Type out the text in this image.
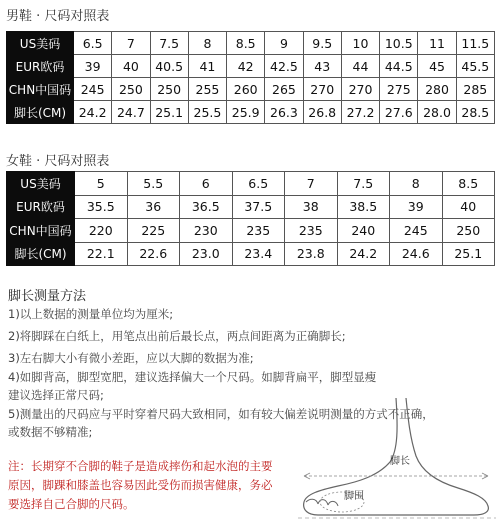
男鞋 · 尺码对照表
US美码	6.5	7	7.5	8	8.5	9	9.5	10	10.5	11	11.5
EUR欧码	39	40	40.5	41	42	42.5	43	44	44.5	45	45.5
CHN中国码	245	250	250	255	260	265	270	270	275	280	285
脚长(CM)	24.2	24.7	25.1	25.5	25.9	26.3	26.8	27.2	27.6	28.0	28.5
女鞋 · 尺码对照表
US美码	5	5.5	6	6.5	7	7.5	8	8.5
EUR欧码	35.5	36	36.5	37.5	38	38.5	39	40
CHN中国码	220	225	230	235	235	240	245	250
脚长(CM)	22.1	22.6	23.0	23.4	23.8	24.2	24.6	25.1
脚长测量方法
1)以上数据的测量单位均为厘米;
2)将脚踩在白纸上，用笔点出前后最长点，两点间距离为正确脚长;
3)左右脚大小有微小差距，应以大脚的数据为准;
4)如脚背高，脚型宽肥，建议选择偏大一个尺码。如脚背扁平，脚型显瘦
建议选择正常尺码;
5)测量出的尺码应与平时穿着尺码大致相同，如有较大偏差说明测量的方式不正确，
或数据不够精准;
注：长期穿不合脚的鞋子是造成摔伤和起水泡的主要
原因，脚踝和膝盖也容易因此受伤而损害健康，务必
要选择自己合脚的尺码。
脚长
脚围
